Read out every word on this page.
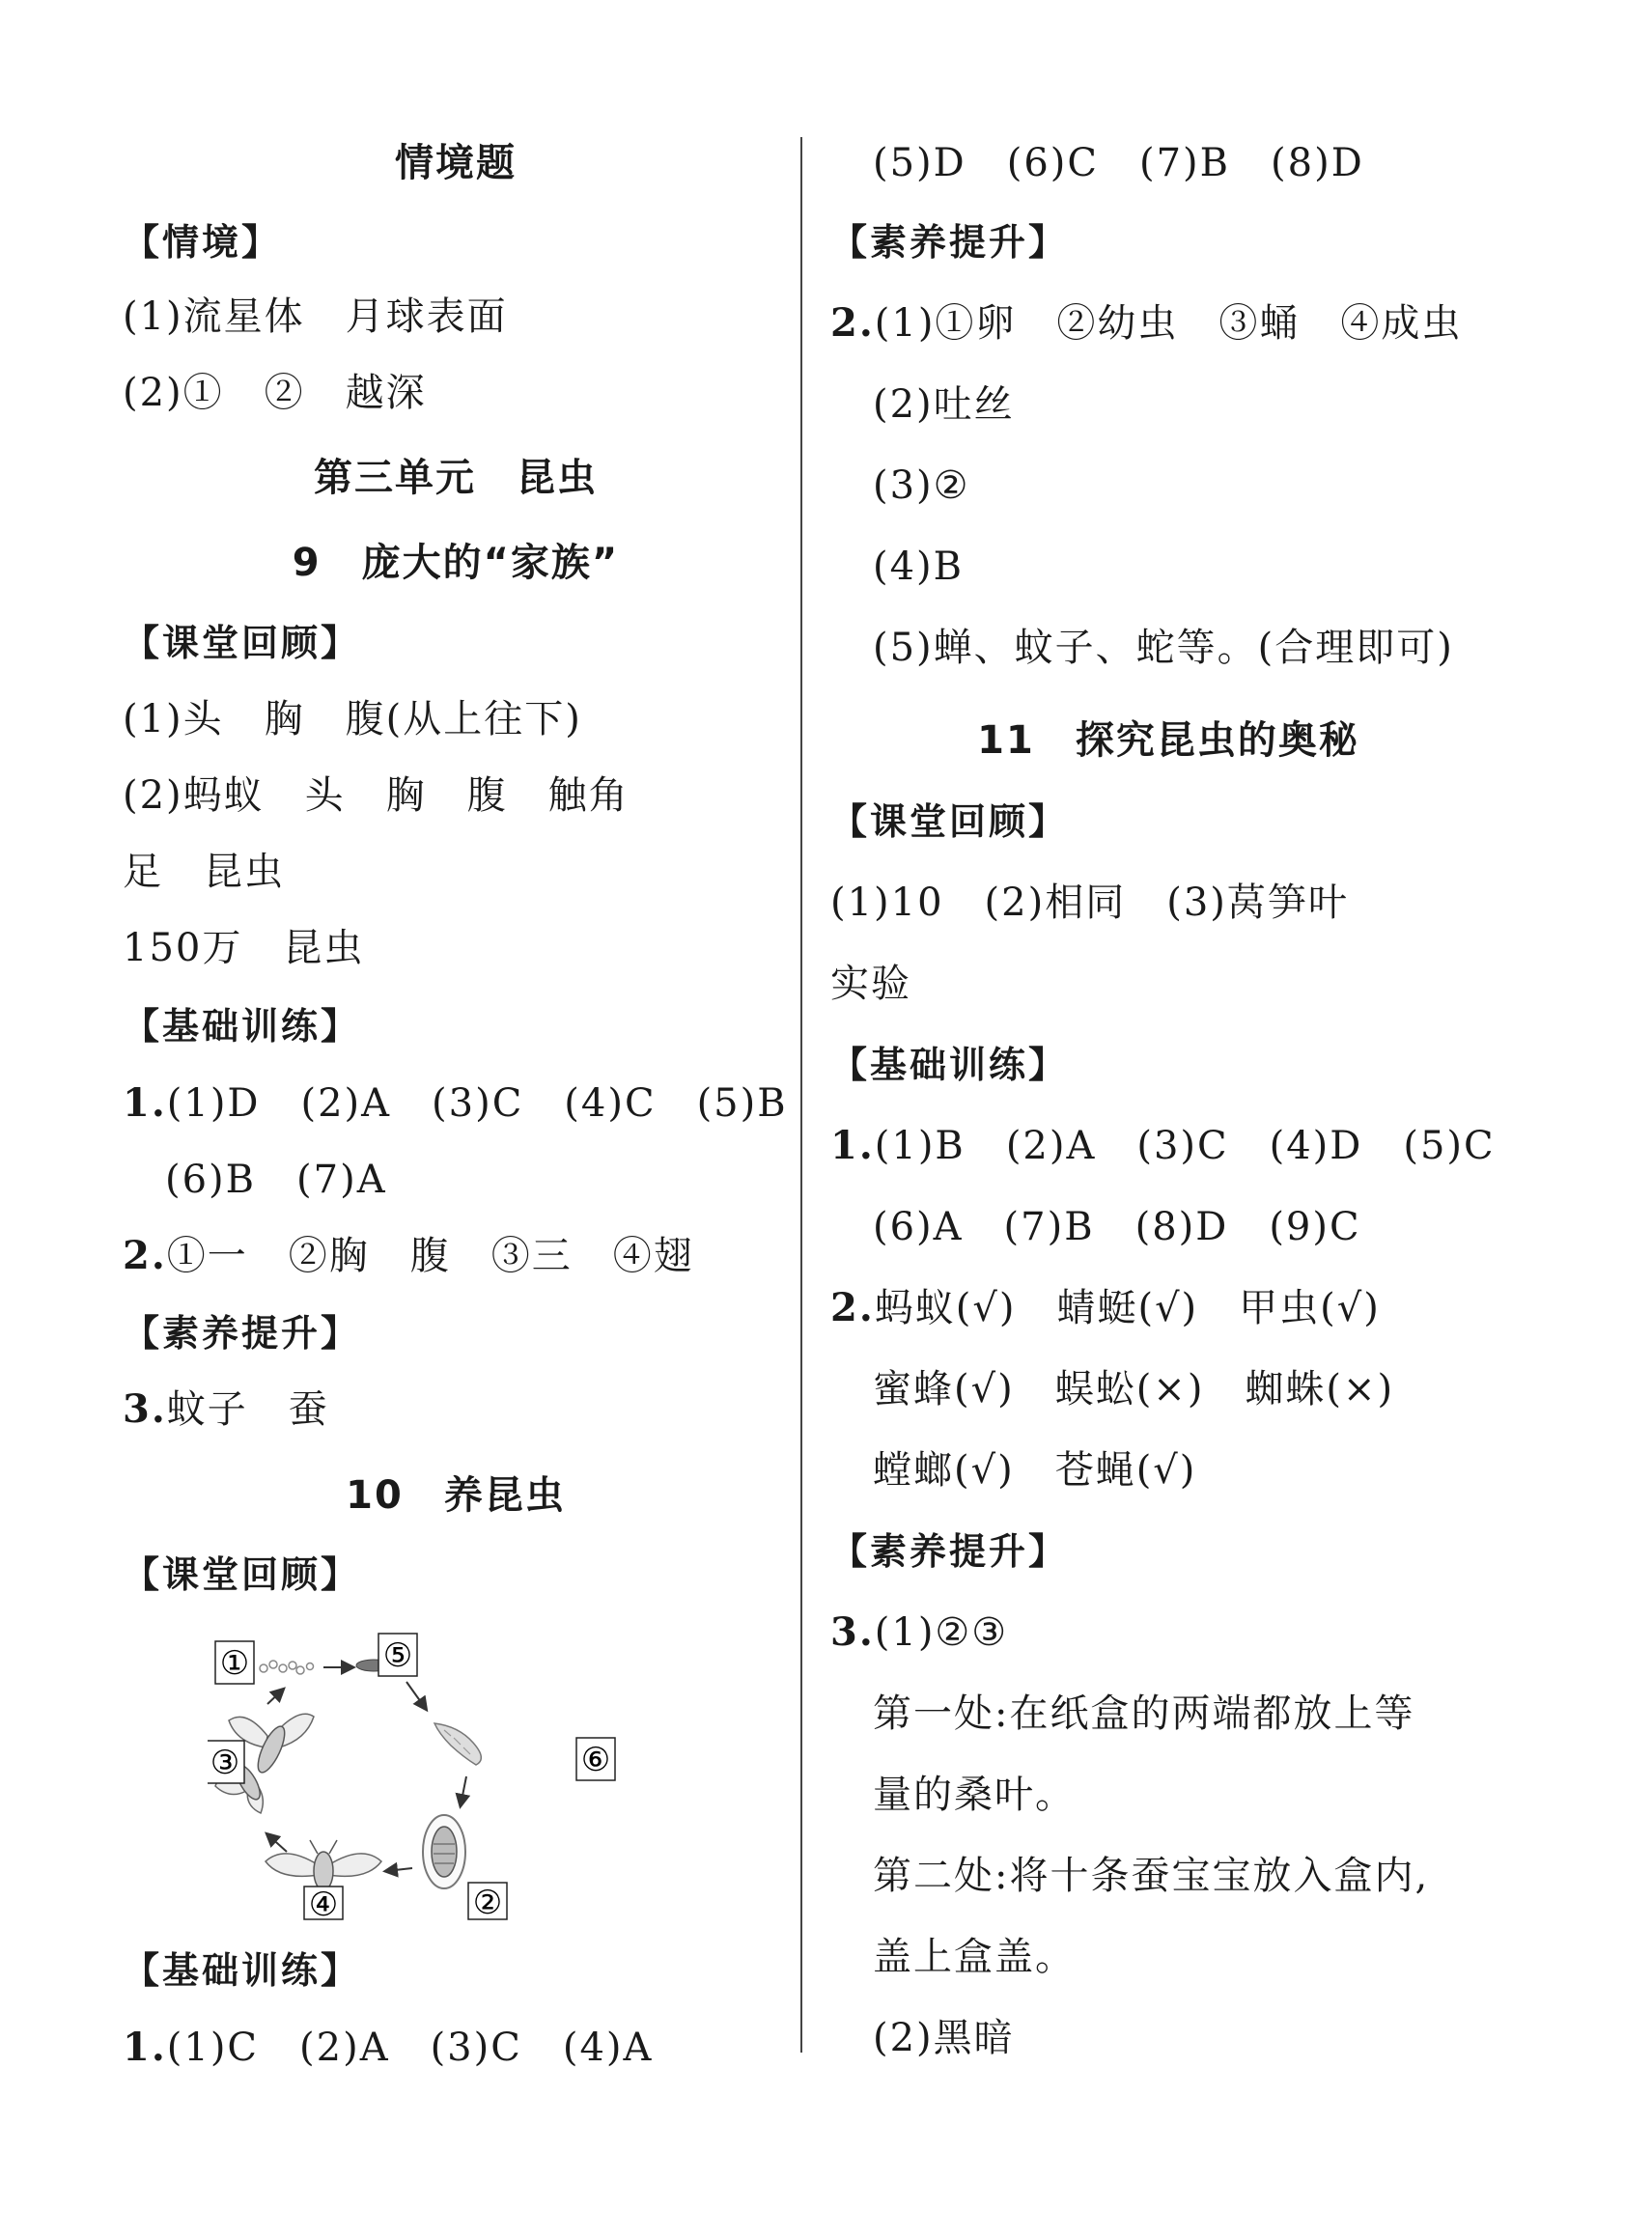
情境题
【情境】
(1)流星体　月球表面
(2)①　②　越深
第三单元　昆虫
9　庞大的“家族”
【课堂回顾】
(1)头　胸　腹(从上往下)
(2)蚂蚁　头　胸　腹　触角
足　昆虫
150万　昆虫
【基础训练】
1.(1)D　(2)A　(3)C　(4)C　(5)B
(6)B　(7)A
2.①一　②胸　腹　③三　④翅
【素养提升】
3.蚊子　蚕
10　养昆虫
【课堂回顾】
【基础训练】
1.(1)C　(2)A　(3)C　(4)A
①	⑤
③	⑥
④	②
(5)D　(6)C　(7)B　(8)D
【素养提升】
2.(1)①卵　②幼虫　③蛹　④成虫
(2)吐丝
(3)②
(4)B
(5)蝉、蚊子、蛇等。(合理即可)
11　探究昆虫的奥秘
【课堂回顾】
(1)10　(2)相同　(3)莴笋叶
实验
【基础训练】
1.(1)B　(2)A　(3)C　(4)D　(5)C
(6)A　(7)B　(8)D　(9)C
2.蚂蚁(√)　蜻蜓(√)　甲虫(√)
蜜蜂(√)　蜈蚣(×)　蜘蛛(×)
螳螂(√)　苍蝇(√)
【素养提升】
3.(1)②③
第一处:在纸盒的两端都放上等
量的桑叶。
第二处:将十条蚕宝宝放入盒内,
盖上盒盖。
(2)黑暗
